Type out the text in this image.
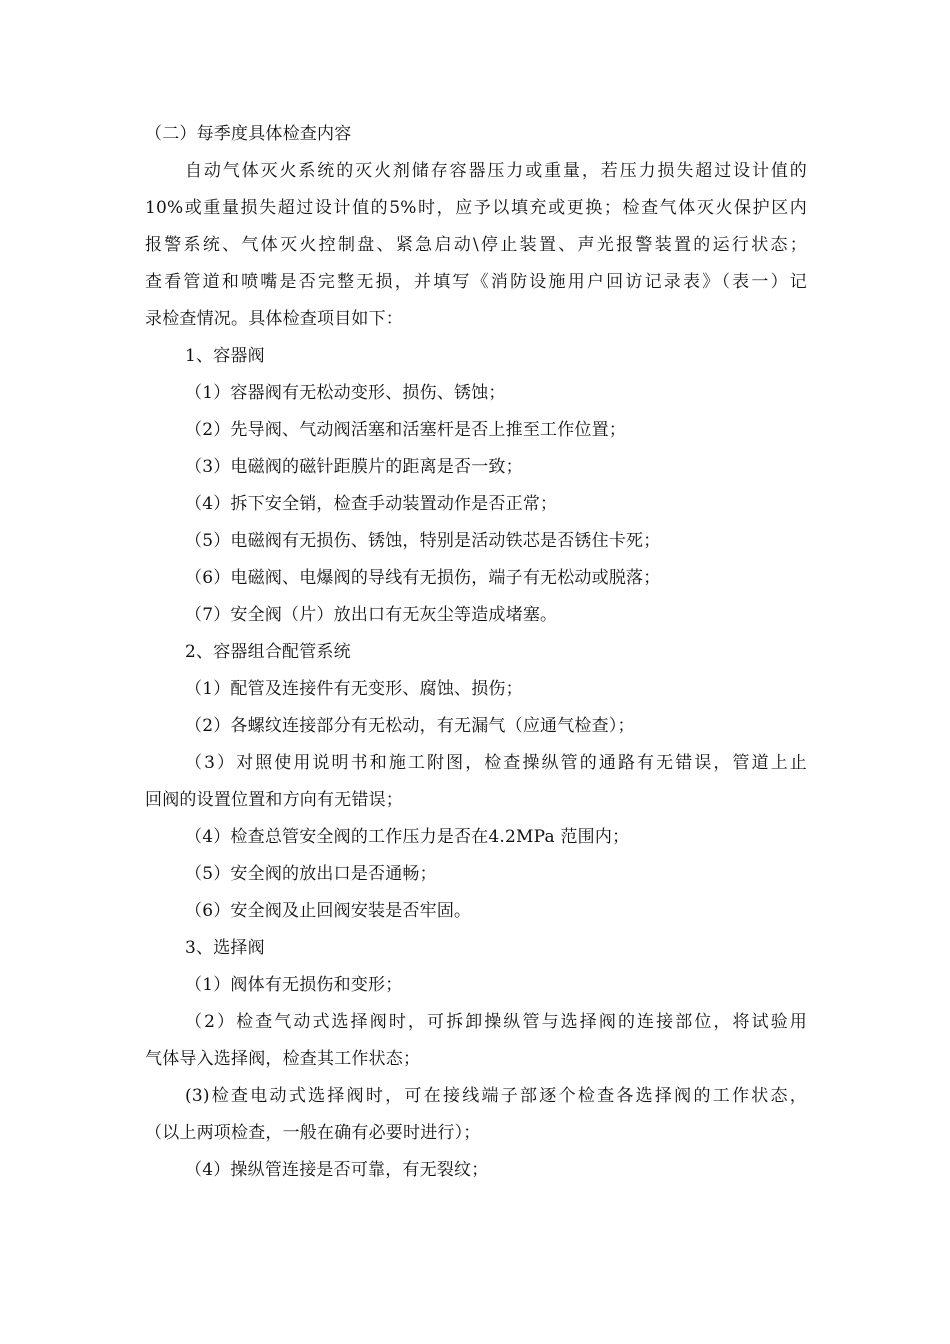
（二）每季度具体检查内容
自动气体灭火系统的灭火剂储存容器压力或重量，若压力损失超过设计值的
10%或重量损失超过设计值的5%时，应予以填充或更换；检查气体灭火保护区内
报警系统、气体灭火控制盘、紧急启动\停止装置、声光报警装置的运行状态；
查看管道和喷嘴是否完整无损，并填写《消防设施用户回访记录表》（表一）记
录检查情况。具体检查项目如下：
1、容器阀
（1）容器阀有无松动变形、损伤、锈蚀；
（2）先导阀、气动阀活塞和活塞杆是否上推至工作位置；
（3）电磁阀的磁针距膜片的距离是否一致；
（4）拆下安全销，检查手动装置动作是否正常；
（5）电磁阀有无损伤、锈蚀，特别是活动铁芯是否锈住卡死；
（6）电磁阀、电爆阀的导线有无损伤，端子有无松动或脱落；
（7）安全阀（片）放出口有无灰尘等造成堵塞。
2、容器组合配管系统
（1）配管及连接件有无变形、腐蚀、损伤；
（2）各螺纹连接部分有无松动，有无漏气（应通气检查）；
（3）对照使用说明书和施工附图，检查操纵管的通路有无错误，管道上止
回阀的设置位置和方向有无错误；
（4）检查总管安全阀的工作压力是否在4.2MPa 范围内；
（5）安全阀的放出口是否通畅；
（6）安全阀及止回阀安装是否牢固。
3、选择阀
（1）阀体有无损伤和变形；
（2）检查气动式选择阀时，可拆卸操纵管与选择阀的连接部位，将试验用
气体导入选择阀，检查其工作状态；
(3)检查电动式选择阀时，可在接线端子部逐个检查各选择阀的工作状态，
（以上两项检查，一般在确有必要时进行）；
（4）操纵管连接是否可靠，有无裂纹；
